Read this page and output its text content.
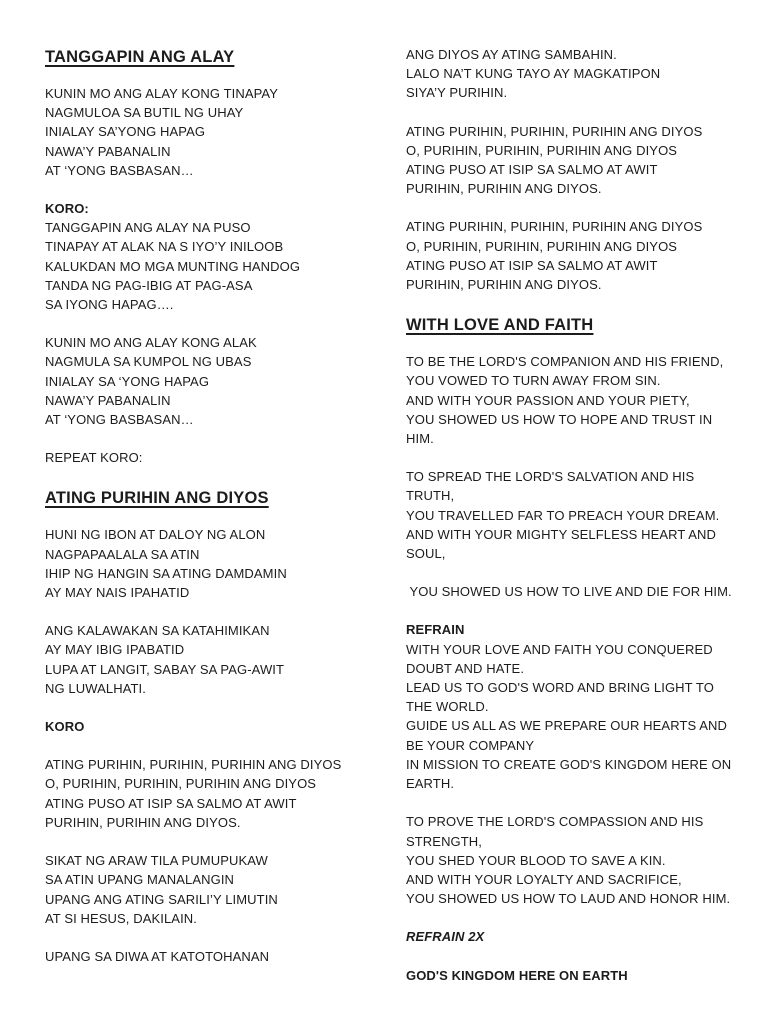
TANGGAPIN ANG ALAY
KUNIN MO ANG ALAY KONG TINAPAY
NAGMULOA SA BUTIL NG UHAY
INIALAY SA’YONG HAPAG
NAWA’Y PABANALIN
AT ‘YONG BASBASAN…
KORO:
TANGGAPIN ANG ALAY NA PUSO
TINAPAY AT ALAK NA S IYO’Y INILOOB
KALUKDAN MO MGA MUNTING HANDOG
TANDA NG PAG-IBIG AT PAG-ASA
SA IYONG HAPAG….
KUNIN MO ANG ALAY KONG ALAK
NAGMULA SA KUMPOL NG UBAS
INIALAY SA ‘YONG HAPAG
NAWA’Y PABANALIN
AT ‘YONG BASBASAN…
REPEAT KORO:
ATING PURIHIN ANG DIYOS
HUNI NG IBON AT DALOY NG ALON
NAGPAPAALALA SA ATIN
IHIP NG HANGIN SA ATING DAMDAMIN
AY MAY NAIS IPAHATID
ANG KALAWAKAN SA KATAHIMIKAN
AY MAY IBIG IPABATID
LUPA AT LANGIT, SABAY SA PAG-AWIT
NG LUWALHATI.
KORO
ATING PURIHIN, PURIHIN, PURIHIN ANG DIYOS
O, PURIHIN, PURIHIN, PURIHIN ANG DIYOS
ATING PUSO AT ISIP SA SALMO AT AWIT
PURIHIN, PURIHIN ANG DIYOS.
SIKAT NG ARAW TILA PUMUPUKAW
SA ATIN UPANG MANALANGIN
UPANG ANG ATING SARILI’Y LIMUTIN
AT SI HESUS, DAKILAIN.
UPANG SA DIWA AT KATOTOHANAN
ANG DIYOS AY ATING SAMBAHIN.
LALO NA’T KUNG TAYO AY MAGKATIPON
SIYA’Y PURIHIN.
ATING PURIHIN, PURIHIN, PURIHIN ANG DIYOS
O, PURIHIN, PURIHIN, PURIHIN ANG DIYOS
ATING PUSO AT ISIP SA SALMO AT AWIT
PURIHIN, PURIHIN ANG DIYOS.
ATING PURIHIN, PURIHIN, PURIHIN ANG DIYOS
O, PURIHIN, PURIHIN, PURIHIN ANG DIYOS
ATING PUSO AT ISIP SA SALMO AT AWIT
PURIHIN, PURIHIN ANG DIYOS.
WITH LOVE AND FAITH
TO BE THE LORD'S COMPANION AND HIS FRIEND,
YOU VOWED TO TURN AWAY FROM SIN.
AND WITH YOUR PASSION AND YOUR PIETY,
YOU SHOWED US HOW TO HOPE AND TRUST IN
HIM.
TO SPREAD THE LORD'S SALVATION AND HIS
TRUTH,
YOU TRAVELLED FAR TO PREACH YOUR DREAM.
AND WITH YOUR MIGHTY SELFLESS HEART AND
SOUL,
YOU SHOWED US HOW TO LIVE AND DIE FOR HIM.
REFRAIN
WITH YOUR LOVE AND FAITH YOU CONQUERED
DOUBT AND HATE.
LEAD US TO GOD'S WORD AND BRING LIGHT TO
THE WORLD.
GUIDE US ALL AS WE PREPARE OUR HEARTS AND
BE YOUR COMPANY
IN MISSION TO CREATE GOD'S KINGDOM HERE ON
EARTH.
TO PROVE THE LORD'S COMPASSION AND HIS
STRENGTH,
YOU SHED YOUR BLOOD TO SAVE A KIN.
AND WITH YOUR LOYALTY AND SACRIFICE,
YOU SHOWED US HOW TO LAUD AND HONOR HIM.
REFRAIN 2X
GOD'S KINGDOM HERE ON EARTH
